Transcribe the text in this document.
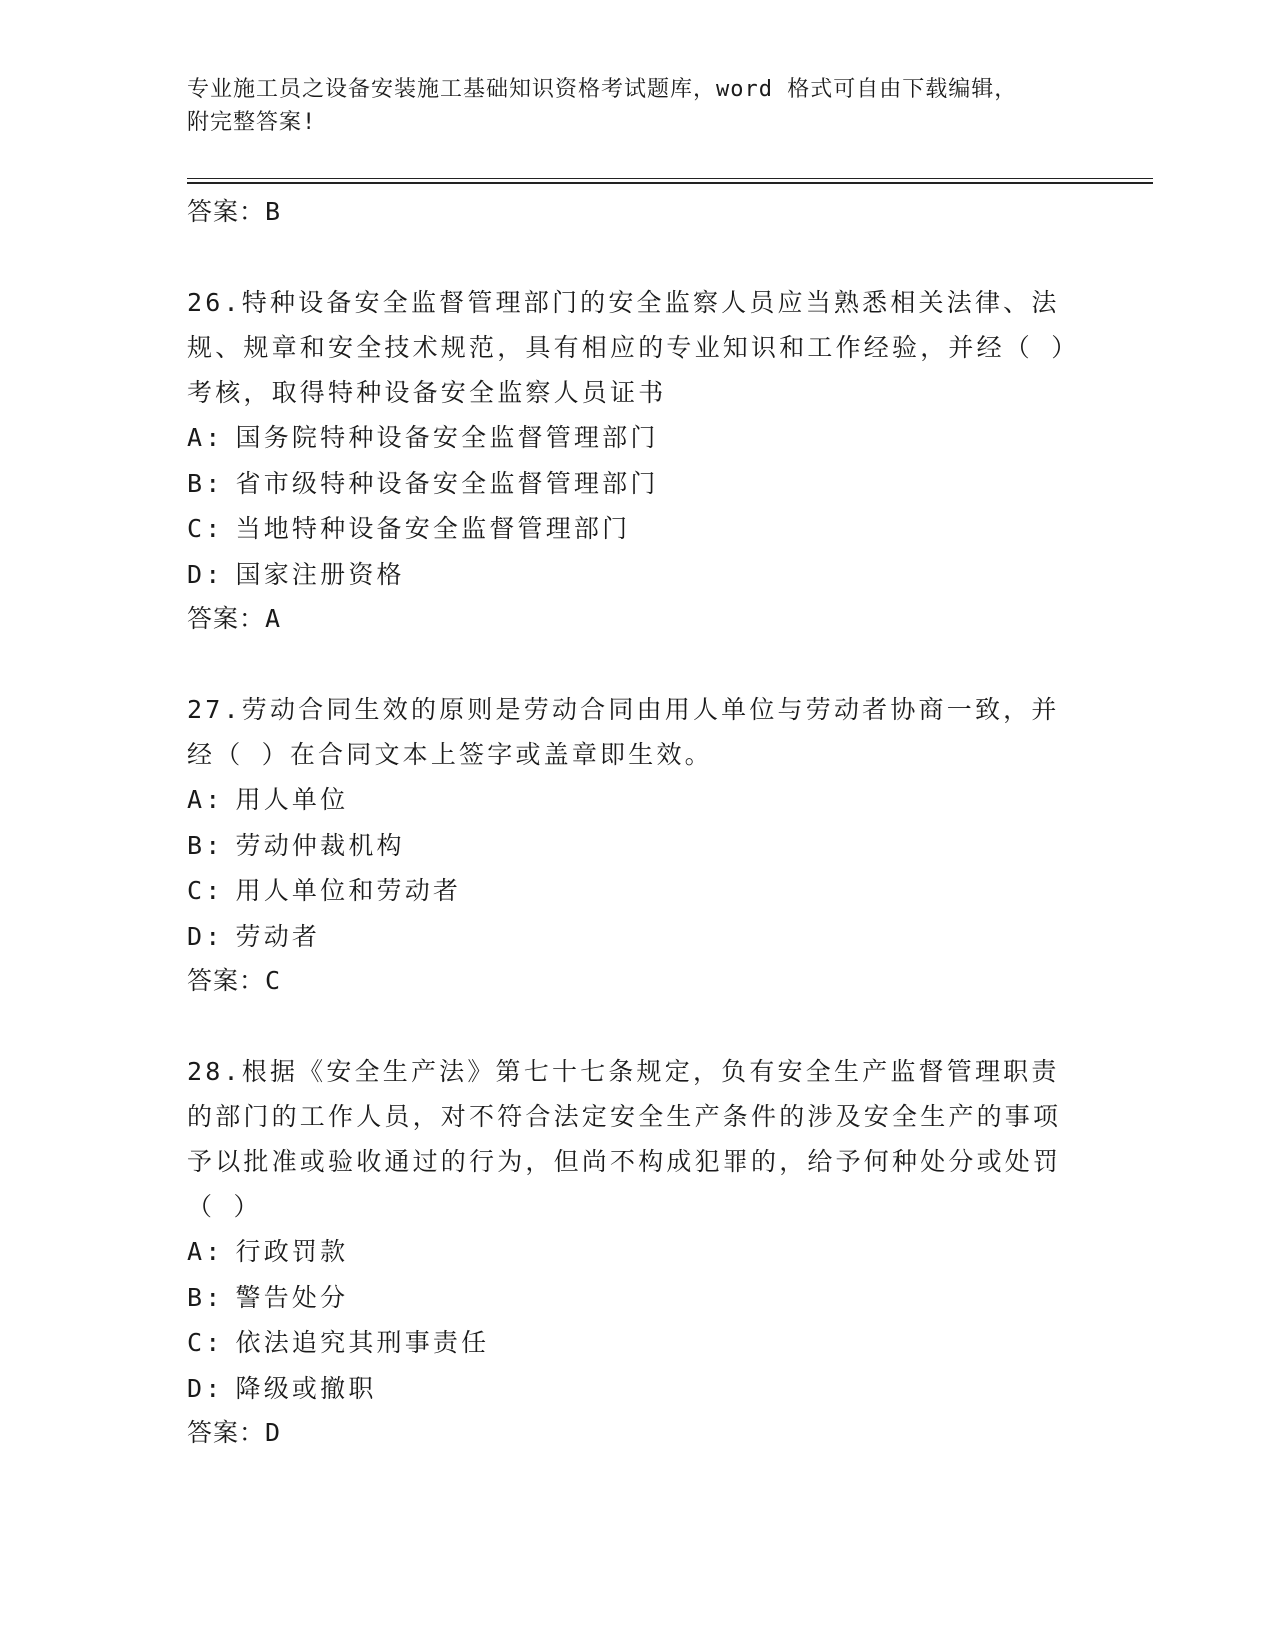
专业施工员之设备安装施工基础知识资格考试题库，word 格式可自由下载编辑，
附完整答案!
答案：B

26.特种设备安全监督管理部门的安全监察人员应当熟悉相关法律、法规、规章和安全技术规范，具有相应的专业知识和工作经验，并经（ ）考核，取得特种设备安全监察人员证书

A: 国务院特种设备安全监督管理部门
B: 省市级特种设备安全监督管理部门
C: 当地特种设备安全监督管理部门
D: 国家注册资格
答案：A

27.劳动合同生效的原则是劳动合同由用人单位与劳动者协商一致，并经（ ）在合同文本上签字或盖章即生效。

A: 用人单位
B: 劳动仲裁机构
C: 用人单位和劳动者
D: 劳动者
答案：C

28.根据《安全生产法》第七十七条规定，负有安全生产监督管理职责的部门的工作人员，对不符合法定安全生产条件的涉及安全生产的事项予以批准或验收通过的行为，但尚不构成犯罪的，给予何种处分或处罚（ ）

A: 行政罚款
B: 警告处分
C: 依法追究其刑事责任
D: 降级或撤职
答案：D
